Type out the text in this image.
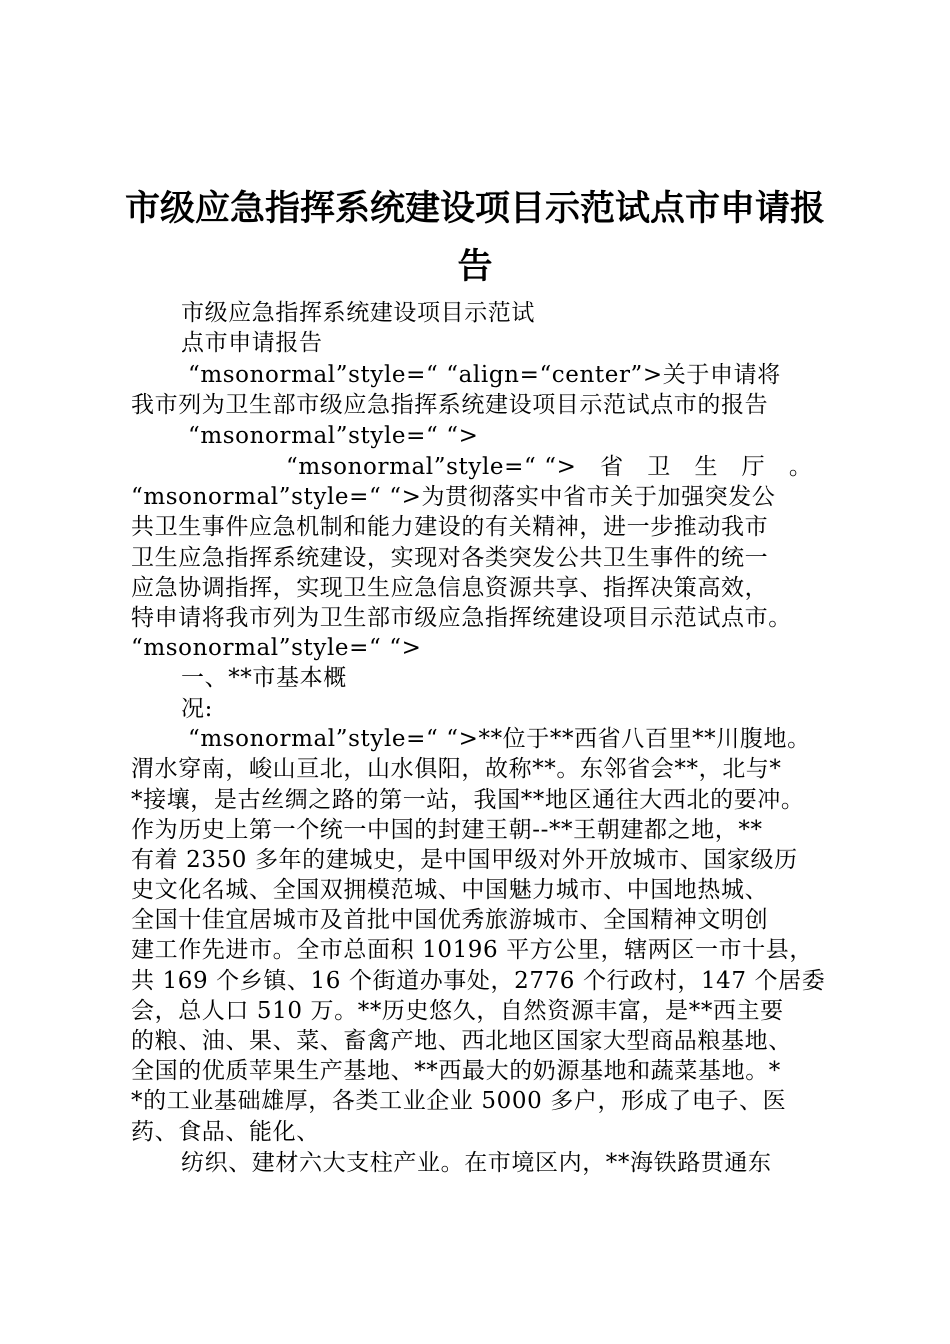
市级应急指挥系统建设项目示范试点市申请报
告

市级应急指挥系统建设项目示范试

点市申请报告

“msonormal”style=“ “align=“center”>关于申请将

我市列为卫生部市级应急指挥系统建设项目示范试点市的报告

“msonormal”style=“ “>

“msonormal”style=“ “>　省　卫　生　厅　。

“msonormal”style=“ “>为贯彻落实中省市关于加强突发公

共卫生事件应急机制和能力建设的有关精神，进一步推动我市

卫生应急指挥系统建设，实现对各类突发公共卫生事件的统一

应急协调指挥，实现卫生应急信息资源共享、指挥决策高效，

特申请将我市列为卫生部市级应急指挥统建设项目示范试点市。

“msonormal”style=“ “>

一、**市基本概

况:

“msonormal”style=“ “>**位于**西省八百里**川腹地。

渭水穿南，峻山亘北，山水俱阳，故称**。东邻省会**，北与*

*接壤，是古丝绸之路的第一站，我国**地区通往大西北的要冲。

作为历史上第一个统一中国的封建王朝--**王朝建都之地，**

有着 2350 多年的建城史，是中国甲级对外开放城市、国家级历

史文化名城、全国双拥模范城、中国魅力城市、中国地热城、

全国十佳宜居城市及首批中国优秀旅游城市、全国精神文明创

建工作先进市。全市总面积 10196 平方公里，辖两区一市十县，

共 169 个乡镇、16 个街道办事处，2776 个行政村，147 个居委

会，总人口 510 万。**历史悠久，自然资源丰富，是**西主要

的粮、油、果、菜、畜禽产地、西北地区国家大型商品粮基地、

全国的优质苹果生产基地、**西最大的奶源基地和蔬菜基地。*

*的工业基础雄厚，各类工业企业 5000 多户，形成了电子、医

药、食品、能化、

纺织、建材六大支柱产业。在市境区内，**海铁路贯通东
